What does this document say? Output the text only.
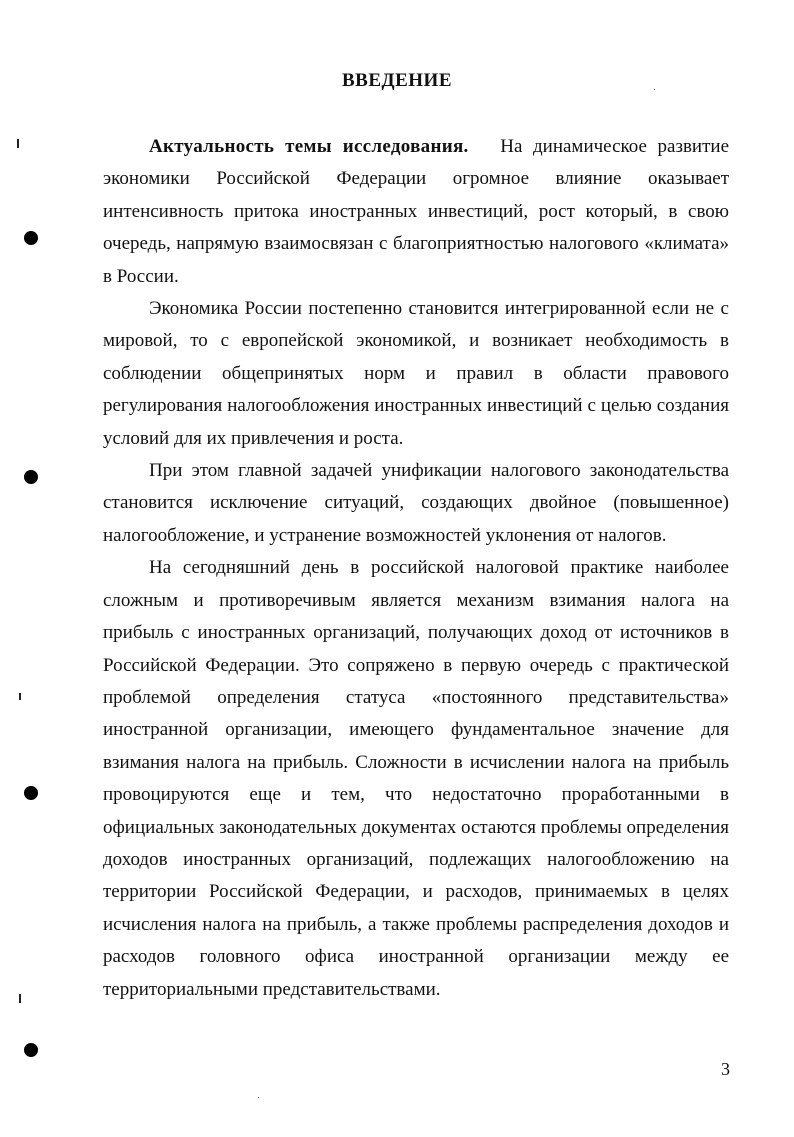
ВВЕДЕНИЕ

Актуальность темы исследования. На динамическое развитие экономики Российской Федерации огромное влияние оказывает интенсивность притока иностранных инвестиций, рост который, в свою очередь, напрямую взаимосвязан с благоприятностью налогового «климата» в России.

Экономика России постепенно становится интегрированной если не с мировой, то с европейской экономикой, и возникает необходимость в соблюдении общепринятых норм и правил в области правового регулирования налогообложения иностранных инвестиций с целью создания условий для их привлечения и роста.

При этом главной задачей унификации налогового законодательства становится исключение ситуаций, создающих двойное (повышенное) налогообложение, и устранение возможностей уклонения от налогов.

На сегодняшний день в российской налоговой практике наиболее сложным и противоречивым является механизм взимания налога на прибыль с иностранных организаций, получающих доход от источников в Российской Федерации. Это сопряжено в первую очередь с практической проблемой определения статуса «постоянного представительства» иностранной организации, имеющего фундаментальное значение для взимания налога на прибыль. Сложности в исчислении налога на прибыль провоцируются еще и тем, что недостаточно проработанными в официальных законодательных документах остаются проблемы определения доходов иностранных организаций, подлежащих налогообложению на территории Российской Федерации, и расходов, принимаемых в целях исчисления налога на прибыль, а также проблемы распределения доходов и расходов головного офиса иностранной организации между ее территориальными представительствами.

3
